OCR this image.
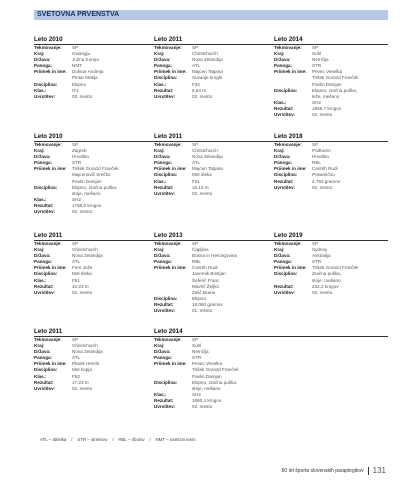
SVETOVNA PRVENSTVA
Leto 2010	Leto 2011	Leto 2014
Tekmovanje:	SP
Kraj:	Gwangju
Država:	Južna Koreja
Panoga:	NMT
Priimek in ime:	Dolinar Andreja
Pintar Matija
Disciplina:	Ekipno
Klas.:	IT4
Uvrstitev:	03. mesto
Tekmovanje:	SP
Kraj:	Christchurch
Država:	Nova Zelandija
Panoga:	ATL
Priimek in ime:	Majcen Tatjana
Disciplina:	Suvanje krogle
Klas.:	F32
Rezultat:	6,64 m
Uvrstitev:	02. mesto
Tekmovanje:	SP
Kraj:	Suhl
Država:	Nemčija
Panoga:	STR
Priimek in ime:	Pevec Veselka
Tiršek Gorazd Franček
Pavlin Damjan
Disciplina:	Ekipno, zračna puška,
leže, mešano
Klas.:	SH2
Rezultat:	1858,7 krogov
Uvrstitev:	02. mesto
Leto 2010	Leto 2011	Leto 2018
Tekmovanje:	SP
Kraj:	Zagreb
Država:	Hrvaška
Panoga:	STR
Priimek in ime:	Tiršek Gorazd Franček
Majcenovič Srečko
Pavlin Damjan
Disciplina:	Ekipno, zračna puška,
stoje, mešano
Klas.:	SH2
Rezultat:	1788,0 krogov
Uvrstitev:	02. mesto
Tekmovanje:	SP
Kraj:	Christchurch
Država:	Nova Zelandija
Panoga:	ATL
Priimek in ime:	Majcen Tatjana
Disciplina:	Met diska
Klas.:	F51
Rezultat:	16,13 m
Uvrstitev:	03. mesto
Tekmovanje:	SP
Kraj:	Podturen
Država:	Hrvaška
Panoga:	RBL
Priimek in ime:	Centrih Rudi
Disciplina:	Posamično
Rezultat:	4.793 gramov
Uvrstitev:	02. mesto
Leto 2011	Leto 2013	Leto 2019
Tekmovanje:	SP
Kraj:	Christchurch
Država:	Nova Zelandija
Panoga:	ATL
Priimek in ime:	Fere Jože
Disciplina:	Met diska
Klas.:	F51
Rezultat:	10,23 m
Uvrstitev:	02. mesto
Tekmovanje:	SP
Kraj:	Čapljina
Država:	Bosna in Hercegovina
Panoga:	RBL
Priimek in ime:	Centrih Rudi
Javernik Bostjan
Šeferič Franc
Mavrič Željko
Zelič Brane
Disciplina:	Ekipno
Rezultat:	18.060 gramov
Uvrstitev:	01. mesto
Tekmovanje:	SP
Kraj:	Sydney
Država:	Avstralija
Panoga:	STR
Priimek in ime:	Tiršek Gorazd Franček
Disciplina:	Zračna puška,
stoje, mešano
Rezultat:	232,3 krogov
Uvrstitev:	03. mesto
Leto 2011	Leto 2014
Tekmovanje:	SP
Kraj:	Christchurch
Država:	Nova Zelandija
Panoga:	ATL
Priimek in ime:	Plantk Henrik
Disciplina:	Met kopja
Klas.:	F52
Rezultat:	17,23 m
Uvrstitev:	02. mesto
Tekmovanje:	SP
Kraj:	Suhl
Država:	Nemčija
Panoga:	STR
Priimek in ime:	Pevec Veselka
Tiršek Gorazd Franček
Pavlin Damjan
Disciplina:	Ekipno, zračna puška,
stoje, mešano
Klas.:	SH2
Rezultat:	1860,4 krogov
Uvrstitev:	02. mesto
ATL – atletika    /    STR – strelstvo    /    RBL – ribolov    /    NMT – namizni tenis
50 let športa slovenskih paraplegikov 131
